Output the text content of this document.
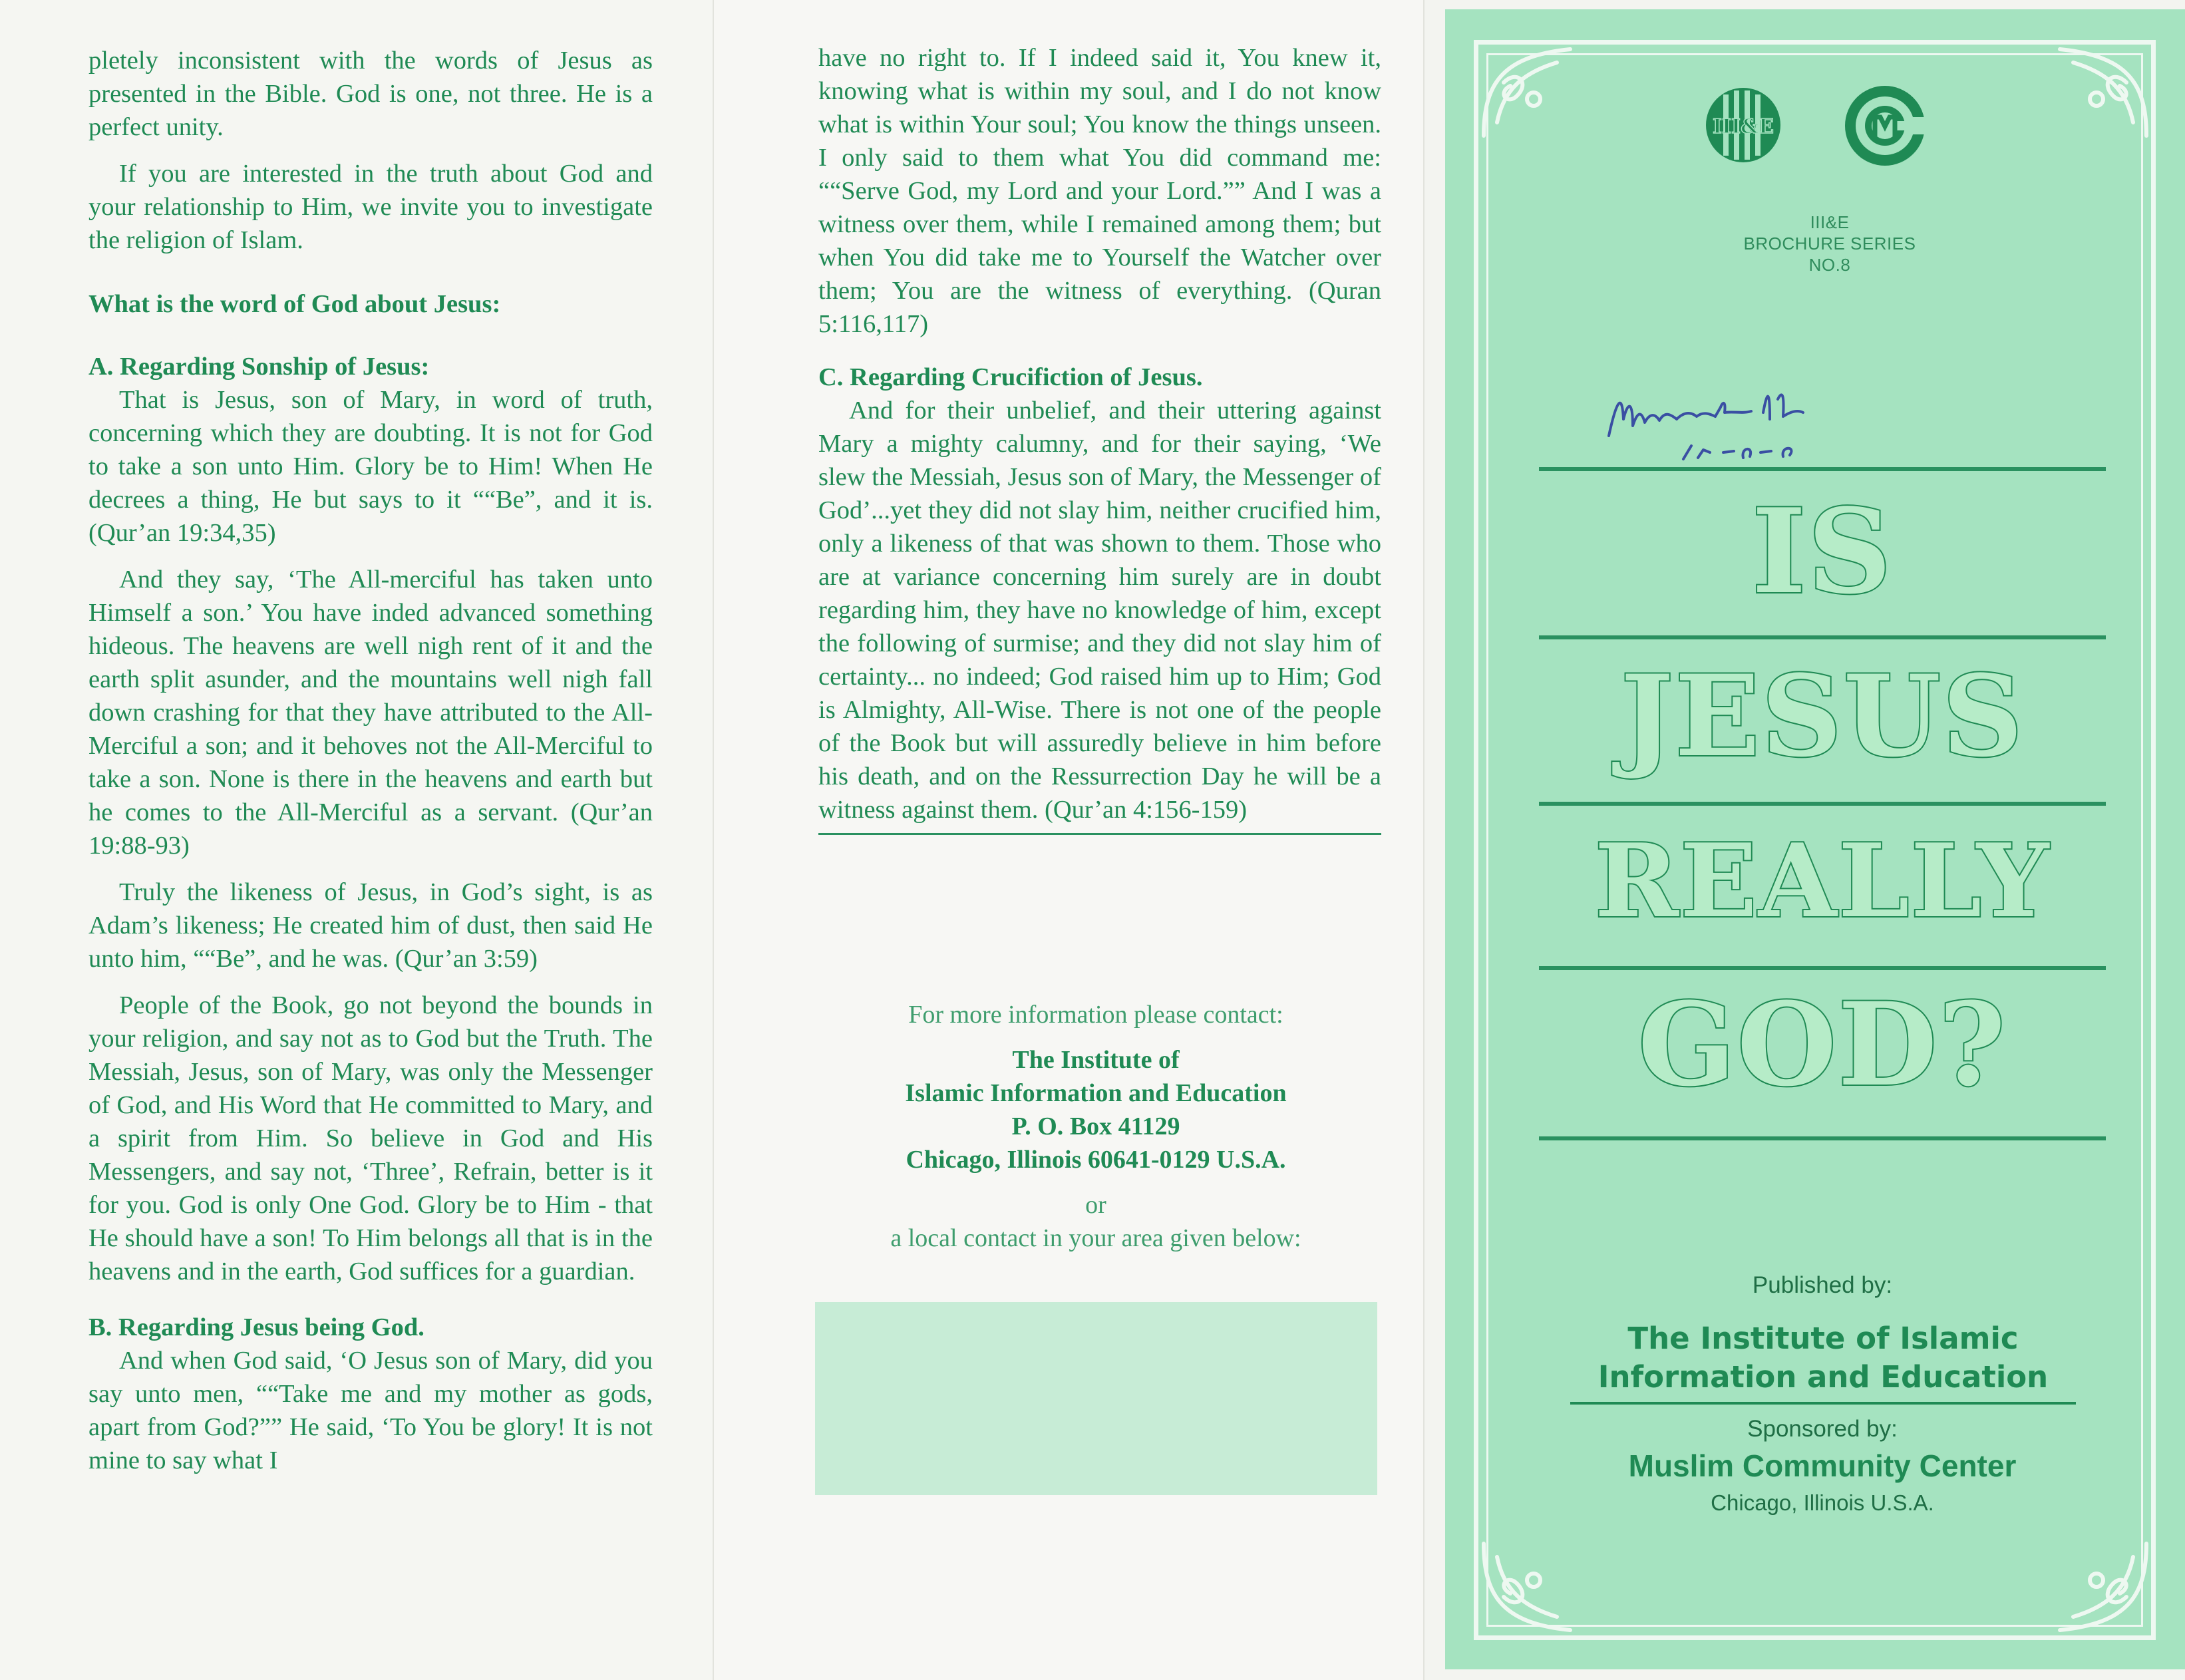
pletely inconsistent with the words of Jesus as presented in the Bible. God is one, not three. He is a perfect unity.

If you are interested in the truth about God and your relationship to Him, we invite you to investigate the religion of Islam.

What is the word of God about Jesus:
A. Regarding Sonship of Jesus:

That is Jesus, son of Mary, in word of truth, concerning which they are doubting. It is not for God to take a son unto Him. Glory be to Him! When He decrees a thing, He but says to it ““Be”, and it is. (Qur’an 19:34,35)

And they say, ‘The All-merciful has taken unto Himself a son.’ You have inded advanced something hideous. The heavens are well nigh rent of it and the earth split asunder, and the mountains well nigh fall down crashing for that they have attributed to the All-Merciful a son; and it behoves not the All-Merciful to take a son. None is there in the heavens and earth but he comes to the All-Merciful as a servant. (Qur’an 19:88-93)

Truly the likeness of Jesus, in God’s sight, is as Adam’s likeness; He created him of dust, then said He unto him, ““Be”, and he was. (Qur’an 3:59)

People of the Book, go not beyond the bounds in your religion, and say not as to God but the Truth. The Messiah, Jesus, son of Mary, was only the Messenger of God, and His Word that He committed to Mary, and a spirit from Him. So believe in God and His Messengers, and say not, ‘Three’, Refrain, better is it for you. God is only One God. Glory be to Him - that He should have a son! To Him belongs all that is in the heavens and in the earth, God suffices for a guardian.

B. Regarding Jesus being God.

And when God said, ‘O Jesus son of Mary, did you say unto men, ““Take me and my mother as gods, apart from God?”” He said, ‘To You be glory! It is not mine to say what I

have no right to. If I indeed said it, You knew it, knowing what is within my soul, and I do not know what is within Your soul; You know the things unseen. I only said to them what You did command me: ““Serve God, my Lord and your Lord.”” And I was a witness over them, while I remained among them; but when You did take me to Yourself the Watcher over them; You are the witness of everything. (Quran 5:116,117)

C. Regarding Crucifiction of Jesus.

And for their unbelief, and their uttering against Mary a mighty calumny, and for their saying, ‘We slew the Messiah, Jesus son of Mary, the Messenger of God’...yet they did not slay him, neither crucified him, only a likeness of that was shown to them. Those who are at variance concerning him surely are in doubt regarding him, they have no knowledge of him, except the following of surmise; and they did not slay him of certainty... no indeed; God raised him up to Him; God is Almighty, All-Wise. There is not one of the people of the Book but will assuredly believe in him before his death, and on the Ressurrection Day he will be a witness against them. (Qur’an 4:156-159)

For more information please contact:
The Institute of
Islamic Information and Education
P. O. Box 41129
Chicago, Illinois 60641-0129 U.S.A.
or
a local contact in your area given below:
III&E
III&E
BROCHURE SERIES
NO.8
IS
JESUS
REALLY
GOD?
Published by:
The Institute of Islamic
Information and Education
Sponsored by:
Muslim Community Center
Chicago, Illinois U.S.A.
